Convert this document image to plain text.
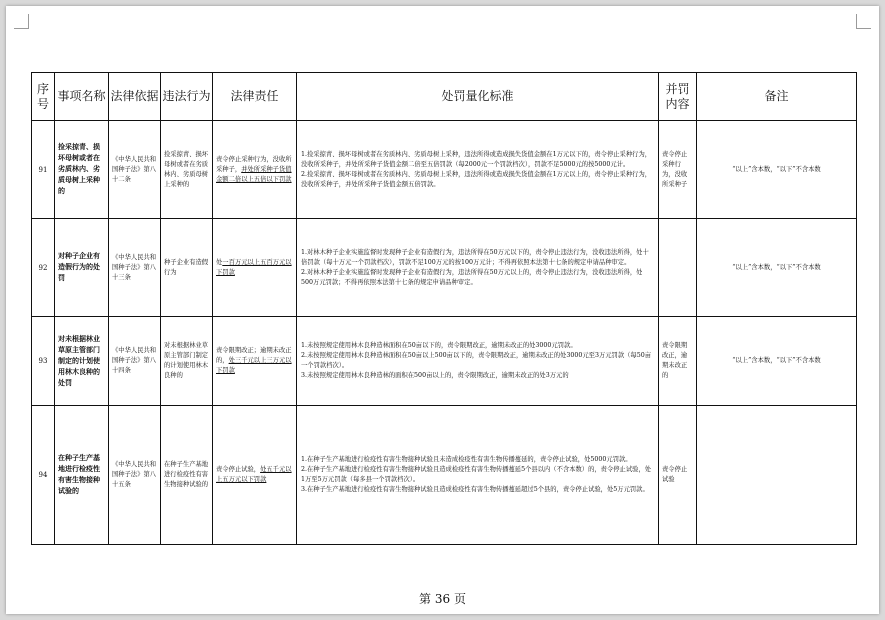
序号	事项名称	法律依据	违法行为	法律责任	处罚量化标准	并罚内容	备注
91	捡采掠青、损坏母树或者在劣质林内、劣质母树上采种的	《中华人民共和国种子法》第八十二条	捡采掠青、损坏母树或者在劣质林内、劣质母树上采种的	责令停止采种行为，没收所采种子，并处所采种子货值金额二倍以上五倍以下罚款	1.捡采掠青、损坏母树或者在劣质林内、劣质母树上采种，违法所得或造成损失货值金额在1万元以下的，责令停止采种行为，没收所采种子，并处所采种子货值金额二倍至五倍罚款（每2000元一个罚款档次），罚款不足5000元的按5000元计。
2.捡采掠青、损坏母树或者在劣质林内、劣质母树上采种，违法所得或造成损失货值金额在1万元以上的，责令停止采种行为，没收所采种子，并处所采种子货值金额五倍罚款。	责令停止采种行为，没收所采种子	“以上”含本数，“以下”不含本数
92	对种子企业有造假行为的处罚	《中华人民共和国种子法》第八十三条	种子企业有造假行为	处一百万元以上五百万元以下罚款	1.对林木种子企业实施监督时发现种子企业有造假行为，违法所得在50万元以下的，责令停止违法行为，没收违法所得，处十倍罚款（每十万元一个罚款档次），罚款不足100万元的按100万元计；不得再依照本法第十七条的规定申请品种审定。
2.对林木种子企业实施监督时发现种子企业有造假行为，违法所得在50万元以上的，责令停止违法行为，没收违法所得，处500万元罚款；不得再依照本法第十七条的规定申请品种审定。		“以上”含本数，“以下”不含本数
93	对未根据林业草原主管部门制定的计划使用林木良种的处罚	《中华人民共和国种子法》第八十四条	对未根据林业草原主管部门制定的计划使用林木良种的	责令限期改正；逾期未改正的，处三千元以上三万元以下罚款	1.未按照规定使用林木良种造林面积在50亩以下的，责令限期改正，逾期未改正的处3000元罚款。
2.未按照规定使用林木良种造林面积在50亩以上500亩以下的，责令限期改正，逾期未改正的处3000元至3万元罚款（每50亩一个罚款档次）。
3.未按照规定使用林木良种造林的面积在500亩以上的，责令限期改正，逾期未改正的处3万元的	责令限期改正，逾期未改正的	“以上”含本数，“以下”不含本数
94	在种子生产基地进行检疫性有害生物接种试验的	《中华人民共和国种子法》第八十五条	在种子生产基地进行检疫性有害生物接种试验的	责令停止试验，处五千元以上五万元以下罚款	1.在种子生产基地进行检疫性有害生物接种试验且未造成检疫性有害生物传播蔓延的，责令停止试验，处5000元罚款。
2.在种子生产基地进行检疫性有害生物接种试验且造成检疫性有害生物传播蔓延5个县以内（不含本数）的，责令停止试验，处1万至5万元罚款（每多县一个罚款档次）。
3.在种子生产基地进行检疫性有害生物接种试验且造成检疫性有害生物传播蔓延超过5个县的，责令停止试验，处5万元罚款。	责令停止试验	
第 36 页
